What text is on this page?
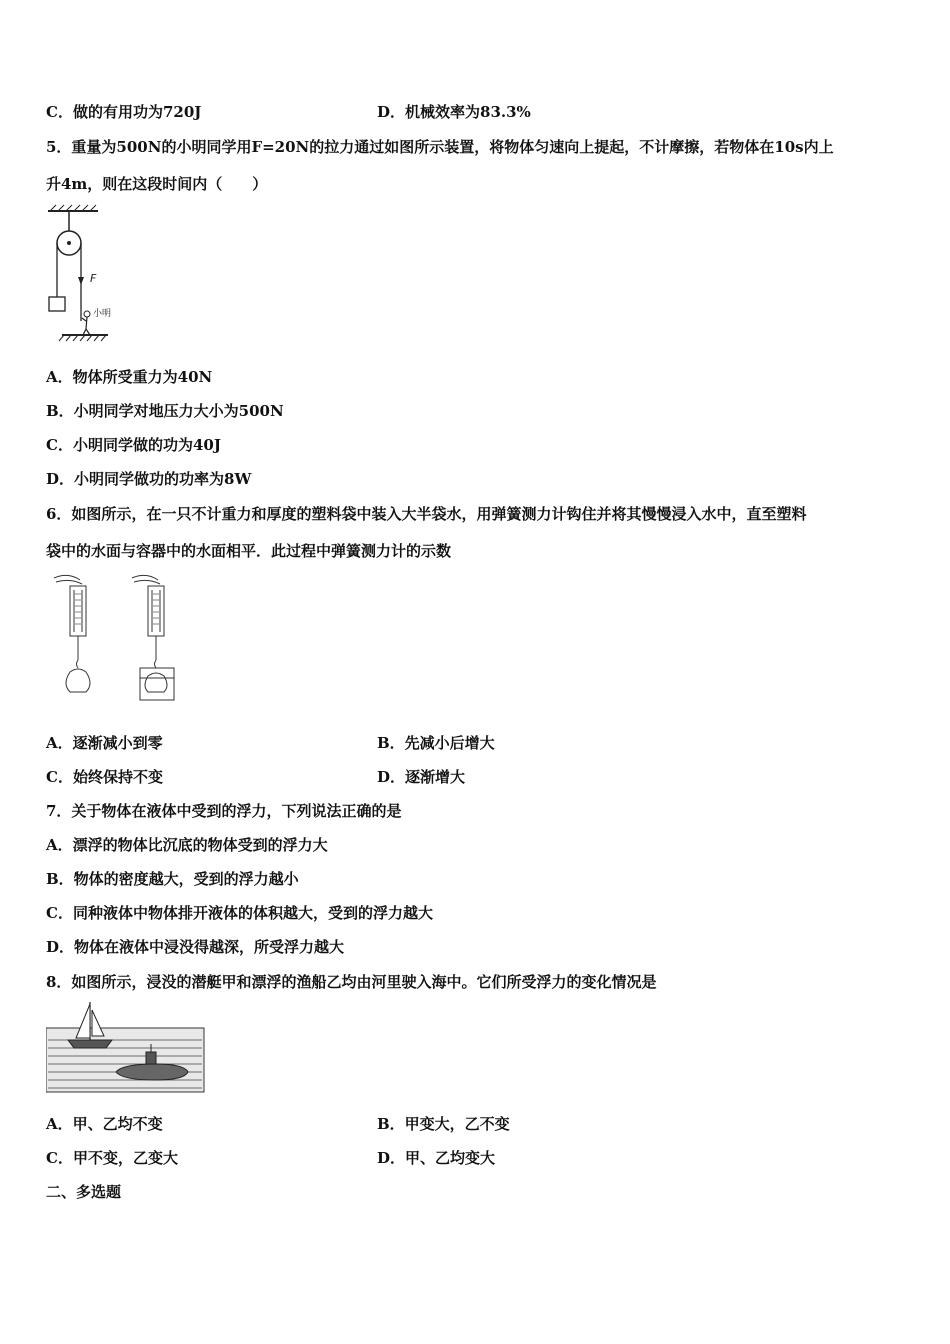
C．做的有用功为720J	D．机械效率为83.3%
5．重量为500N的小明同学用F=20N的拉力通过如图所示装置，将物体匀速向上提起，不计摩擦，若物体在10s内上
升4m，则在这段时间内（　　）
F
小明
A．物体所受重力为40N
B．小明同学对地压力大小为500N
C．小明同学做的功为40J
D．小明同学做功的功率为8W
6．如图所示，在一只不计重力和厚度的塑料袋中装入大半袋水，用弹簧测力计钩住并将其慢慢浸入水中，直至塑料
袋中的水面与容器中的水面相平．此过程中弹簧测力计的示数
A．逐渐减小到零	B．先减小后增大
C．始终保持不变	D．逐渐增大
7．关于物体在液体中受到的浮力，下列说法正确的是
A．漂浮的物体比沉底的物体受到的浮力大
B．物体的密度越大，受到的浮力越小
C．同种液体中物体排开液体的体积越大，受到的浮力越大
D．物体在液体中浸没得越深，所受浮力越大
8．如图所示，浸没的潜艇甲和漂浮的渔船乙均由河里驶入海中。它们所受浮力的变化情况是
A．甲、乙均不变	B．甲变大，乙不变
C．甲不变，乙变大	D．甲、乙均变大
二、多选题
